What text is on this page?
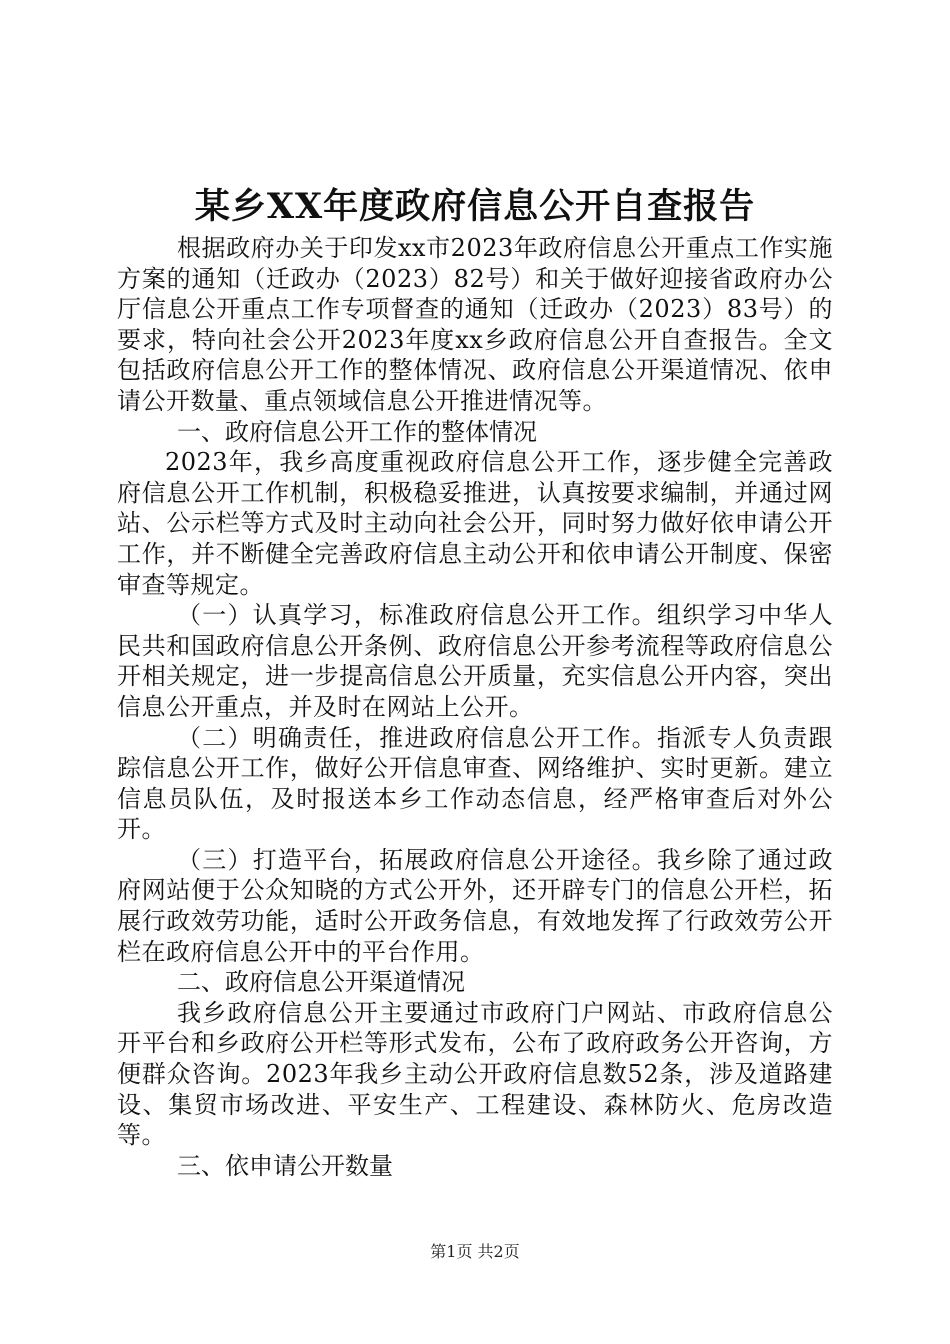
某乡XX年度政府信息公开自查报告

根据政府办关于印发xx市2023年政府信息公开重点工作实施方案的通知（迁政办（2023）82号）和关于做好迎接省政府办公厅信息公开重点工作专项督查的通知（迁政办（2023）83号）的要求，特向社会公开2023年度xx乡政府信息公开自查报告。全文包括政府信息公开工作的整体情况、政府信息公开渠道情况、依申请公开数量、重点领域信息公开推进情况等。

一、政府信息公开工作的整体情况

2023年，我乡高度重视政府信息公开工作，逐步健全完善政府信息公开工作机制，积极稳妥推进，认真按要求编制，并通过网站、公示栏等方式及时主动向社会公开，同时努力做好依申请公开工作，并不断健全完善政府信息主动公开和依申请公开制度、保密审查等规定。

（一）认真学习，标准政府信息公开工作。组织学习中华人民共和国政府信息公开条例、政府信息公开参考流程等政府信息公开相关规定，进一步提高信息公开质量，充实信息公开内容，突出信息公开重点，并及时在网站上公开。

（二）明确责任，推进政府信息公开工作。指派专人负责跟踪信息公开工作，做好公开信息审查、网络维护、实时更新。建立信息员队伍，及时报送本乡工作动态信息，经严格审查后对外公开。

（三）打造平台，拓展政府信息公开途径。我乡除了通过政府网站便于公众知晓的方式公开外，还开辟专门的信息公开栏，拓展行政效劳功能，适时公开政务信息，有效地发挥了行政效劳公开栏在政府信息公开中的平台作用。

二、政府信息公开渠道情况

我乡政府信息公开主要通过市政府门户网站、市政府信息公开平台和乡政府公开栏等形式发布，公布了政府政务公开咨询，方便群众咨询。2023年我乡主动公开政府信息数52条，涉及道路建设、集贸市场改进、平安生产、工程建设、森林防火、危房改造等。

三、依申请公开数量

第1页 共2页
